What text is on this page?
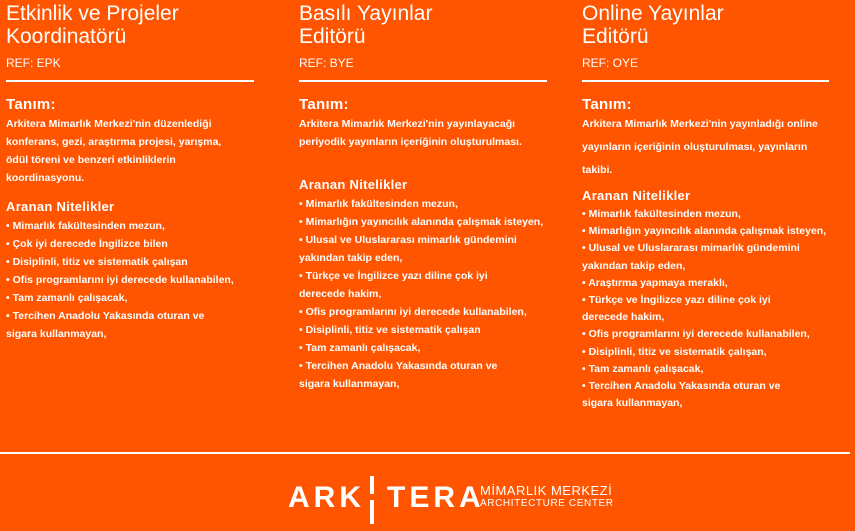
Etkinlik ve Projeler
Koordinatörü
REF: EPK
Tanım:
Arkitera Mimarlık Merkezi'nin düzenlediği
konferans, gezi, araştırma projesi, yarışma,
ödül töreni ve benzeri etkinliklerin
koordinasyonu.
Aranan Nitelikler
• Mimarlık fakültesinden mezun,
• Çok iyi derecede İngilizce bilen
• Disiplinli, titiz ve sistematik çalışan
• Ofis programlarını iyi derecede kullanabilen,
• Tam zamanlı çalışacak,
• Tercihen Anadolu Yakasında oturan ve
sigara kullanmayan,
Basılı Yayınlar
Editörü
REF: BYE
Tanım:
Arkitera Mimarlık Merkezi'nin yayınlayacağı
periyodik yayınların içeriğinin oluşturulması.
Aranan Nitelikler
• Mimarlık fakültesinden mezun,
• Mimarlığın yayıncılık alanında çalışmak isteyen,
• Ulusal ve Uluslararası mimarlık gündemini
yakından takip eden,
• Türkçe ve İngilizce yazı diline çok iyi
derecede hakim,
• Ofis programlarını iyi derecede kullanabilen,
• Disiplinli, titiz ve sistematik çalışan
• Tam zamanlı çalışacak,
• Tercihen Anadolu Yakasında oturan ve
sigara kullanmayan,
Online Yayınlar
Editörü
REF: OYE
Tanım:
Arkitera Mimarlık Merkezi'nin yayınladığı online
yayınların içeriğinin oluşturulması, yayınların
takibi.
Aranan Nitelikler
• Mimarlık fakültesinden mezun,
• Mimarlığın yayıncılık alanında çalışmak isteyen,
• Ulusal ve Uluslararası mimarlık gündemini
yakından takip eden,
• Araştırma yapmaya meraklı,
• Türkçe ve İngilizce yazı diline çok iyi
derecede hakim,
• Ofis programlarını iyi derecede kullanabilen,
• Disiplinli, titiz ve sistematik çalışan,
• Tam zamanlı çalışacak,
• Tercihen Anadolu Yakasında oturan ve
sigara kullanmayan,
ARK TERA
MİMARLIK MERKEZİ
ARCHITECTURE CENTER
